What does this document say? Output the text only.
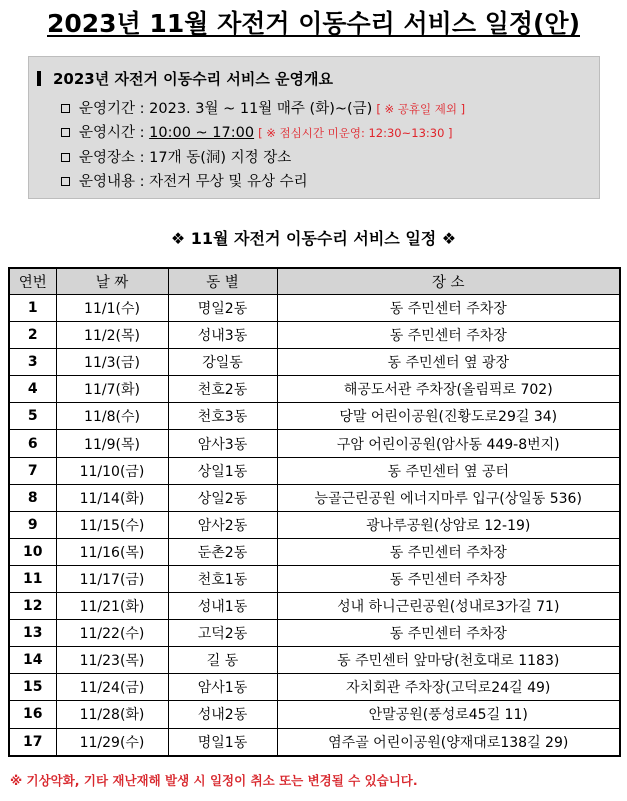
2023년 11월 자전거 이동수리 서비스 일정(안)
2023년 자전거 이동수리 서비스 운영개요
운영기간 : 2023. 3월 ~ 11월 매주 (화)~(금) [ ※ 공휴일 제외 ]
운영시간 : 10:00 ~ 17:00 [ ※ 점심시간 미운영: 12:30~13:30 ]
운영장소 : 17개 동(洞) 지정 장소
운영내용 : 자전거 무상 및 유상 수리
❖ 11월 자전거 이동수리 서비스 일정 ❖
연번	날 짜	동 별	장 소
1	11/1(수)	명일2동	동 주민센터 주차장
2	11/2(목)	성내3동	동 주민센터 주차장
3	11/3(금)	강일동	동 주민센터 옆 광장
4	11/7(화)	천호2동	해공도서관 주차장(올림픽로 702)
5	11/8(수)	천호3동	당말 어린이공원(진황도로29길 34)
6	11/9(목)	암사3동	구암 어린이공원(암사동 449-8번지)
7	11/10(금)	상일1동	동 주민센터 옆 공터
8	11/14(화)	상일2동	능골근린공원 에너지마루 입구(상일동 536)
9	11/15(수)	암사2동	광나루공원(상암로 12-19)
10	11/16(목)	둔촌2동	동 주민센터 주차장
11	11/17(금)	천호1동	동 주민센터 주차장
12	11/21(화)	성내1동	성내 하니근린공원(성내로3가길 71)
13	11/22(수)	고덕2동	동 주민센터 주차장
14	11/23(목)	길 동	동 주민센터 앞마당(천호대로 1183)
15	11/24(금)	암사1동	자치회관 주차장(고덕로24길 49)
16	11/28(화)	성내2동	안말공원(풍성로45길 11)
17	11/29(수)	명일1동	염주골 어린이공원(양재대로138길 29)
※ 기상악화, 기타 재난재해 발생 시 일정이 취소 또는 변경될 수 있습니다.
